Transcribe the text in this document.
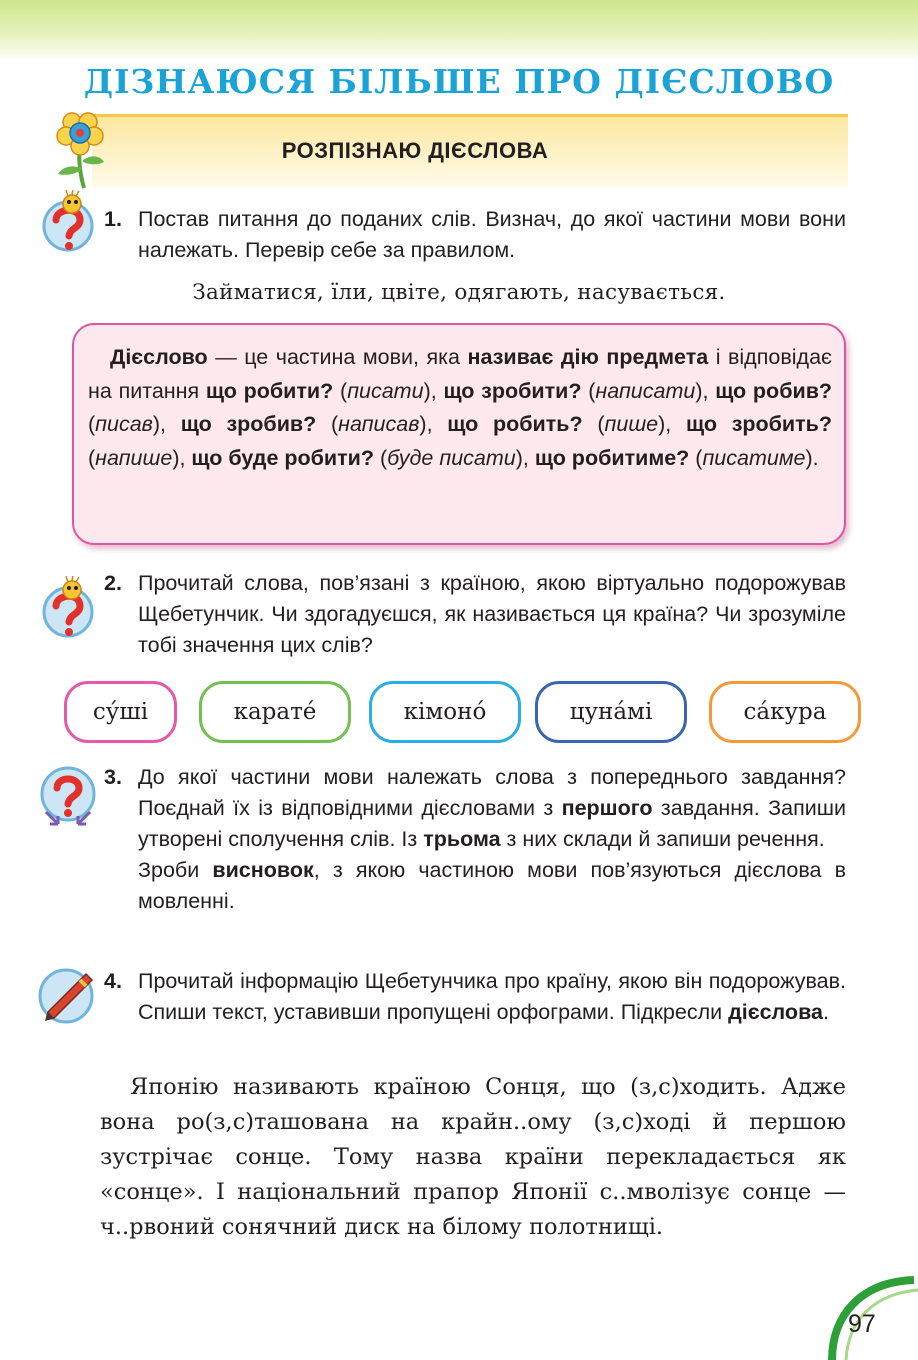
ДІЗНАЮСЯ БІЛЬШЕ ПРО ДІЄСЛОВО
РОЗПІЗНАЮ ДІЄСЛОВА
1. Постав питання до поданих слів. Визнач, до якої частини мови вони належать. Перевір себе за правилом.
Займатися, їли, цвіте, одягають, насувається.

Дієслово — це частина мови, яка називає дію предмета і відповідає на питання що робити? (писати), що зробити? (написати), що робив? (писав), що зробив? (написав), що робить? (пише), що зробить? (напише), що буде робити? (буде писати), що робитиме? (писатиме).

2. Прочитай слова, пов’язані з країною, якою віртуально подорожував Щебетунчик. Чи здогадуєшся, як називається ця країна? Чи зрозуміле тобі значення цих слів?
су́ші	карате́	кімоно́	цуна́мі	са́кура
3. До якої частини мови належать слова з попереднього завдання? Поєднай їх із відповідними дієсловами з першого завдання. Запиши утворені сполучення слів. Із трьома з них склади й запиши речення.

Зроби висновок, з якою частиною мови пов’язуються дієслова в мовленні.

4. Прочитай інформацію Щебетунчика про країну, якою він подорожував. Спиши текст, уставивши пропущені орфограми. Підкресли дієслова.

Японію називають країною Сонця, що (з,с)ходить. Адже вона ро(з,с)ташована на крайн..ому (з,с)ході й першою зустрічає сонце. Тому назва країни перекладається як «сонце». І національний прапор Японії с..мволізує сонце — ч..рвоний сонячний диск на білому полотнищі.

97
